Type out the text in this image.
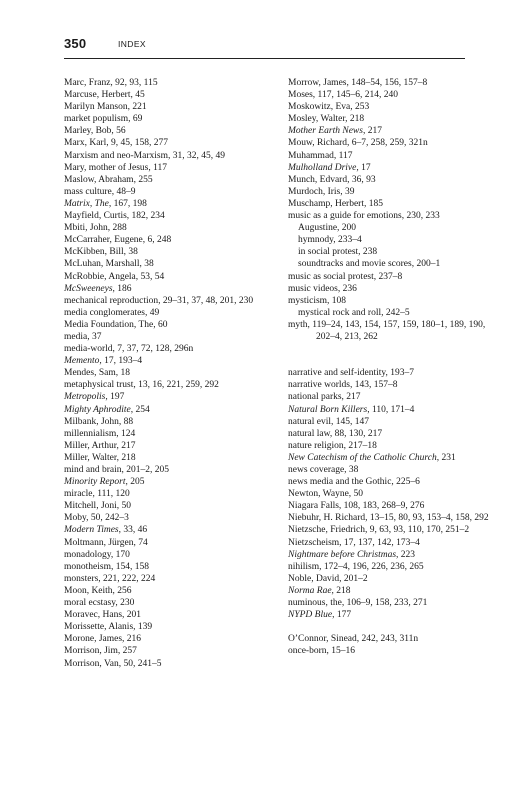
350	INDEX

Marc, Franz, 92, 93, 115

Marcuse, Herbert, 45

Marilyn Manson, 221

market populism, 69

Marley, Bob, 56

Marx, Karl, 9, 45, 158, 277

Marxism and neo-Marxism, 31, 32, 45, 49

Mary, mother of Jesus, 117

Maslow, Abraham, 255

mass culture, 48–9

Matrix, The, 167, 198

Mayfield, Curtis, 182, 234

Mbiti, John, 288

McCarraher, Eugene, 6, 248

McKibben, Bill, 38

McLuhan, Marshall, 38

McRobbie, Angela, 53, 54

McSweeneys, 186

mechanical reproduction, 29–31, 37, 48, 201, 230

media conglomerates, 49

Media Foundation, The, 60

media, 37

media-world, 7, 37, 72, 128, 296n

Memento, 17, 193–4

Mendes, Sam, 18

metaphysical trust, 13, 16, 221, 259, 292

Metropolis, 197

Mighty Aphrodite, 254

Milbank, John, 88

millennialism, 124

Miller, Arthur, 217

Miller, Walter, 218

mind and brain, 201–2, 205

Minority Report, 205

miracle, 111, 120

Mitchell, Joni, 50

Moby, 50, 242–3

Modern Times, 33, 46

Moltmann, Jürgen, 74

monadology, 170

monotheism, 154, 158

monsters, 221, 222, 224

Moon, Keith, 256

moral ecstasy, 230

Moravec, Hans, 201

Morissette, Alanis, 139

Morone, James, 216

Morrison, Jim, 257

Morrison, Van, 50, 241–5

Morrow, James, 148–54, 156, 157–8

Moses, 117, 145–6, 214, 240

Moskowitz, Eva, 253

Mosley, Walter, 218

Mother Earth News, 217

Mouw, Richard, 6–7, 258, 259, 321n

Muhammad, 117

Mulholland Drive, 17

Munch, Edvard, 36, 93

Murdoch, Iris, 39

Muschamp, Herbert, 185

music as a guide for emotions, 230, 233

Augustine, 200

hymnody, 233–4

in social protest, 238

soundtracks and movie scores, 200–1

music as social protest, 237–8

music videos, 236

mysticism, 108

mystical rock and roll, 242–5

myth, 119–24, 143, 154, 157, 159, 180–1, 189, 190, 202–4, 213, 262

narrative and self-identity, 193–7

narrative worlds, 143, 157–8

national parks, 217

Natural Born Killers, 110, 171–4

natural evil, 145, 147

natural law, 88, 130, 217

nature religion, 217–18

New Catechism of the Catholic Church, 231

news coverage, 38

news media and the Gothic, 225–6

Newton, Wayne, 50

Niagara Falls, 108, 183, 268–9, 276

Niebuhr, H. Richard, 13–15, 80, 93, 153–4, 158, 292

Nietzsche, Friedrich, 9, 63, 93, 110, 170, 251–2

Nietzscheism, 17, 137, 142, 173–4

Nightmare before Christmas, 223

nihilism, 172–4, 196, 226, 236, 265

Noble, David, 201–2

Norma Rae, 218

numinous, the, 106–9, 158, 233, 271

NYPD Blue, 177

O’Connor, Sinead, 242, 243, 311n

once-born, 15–16
